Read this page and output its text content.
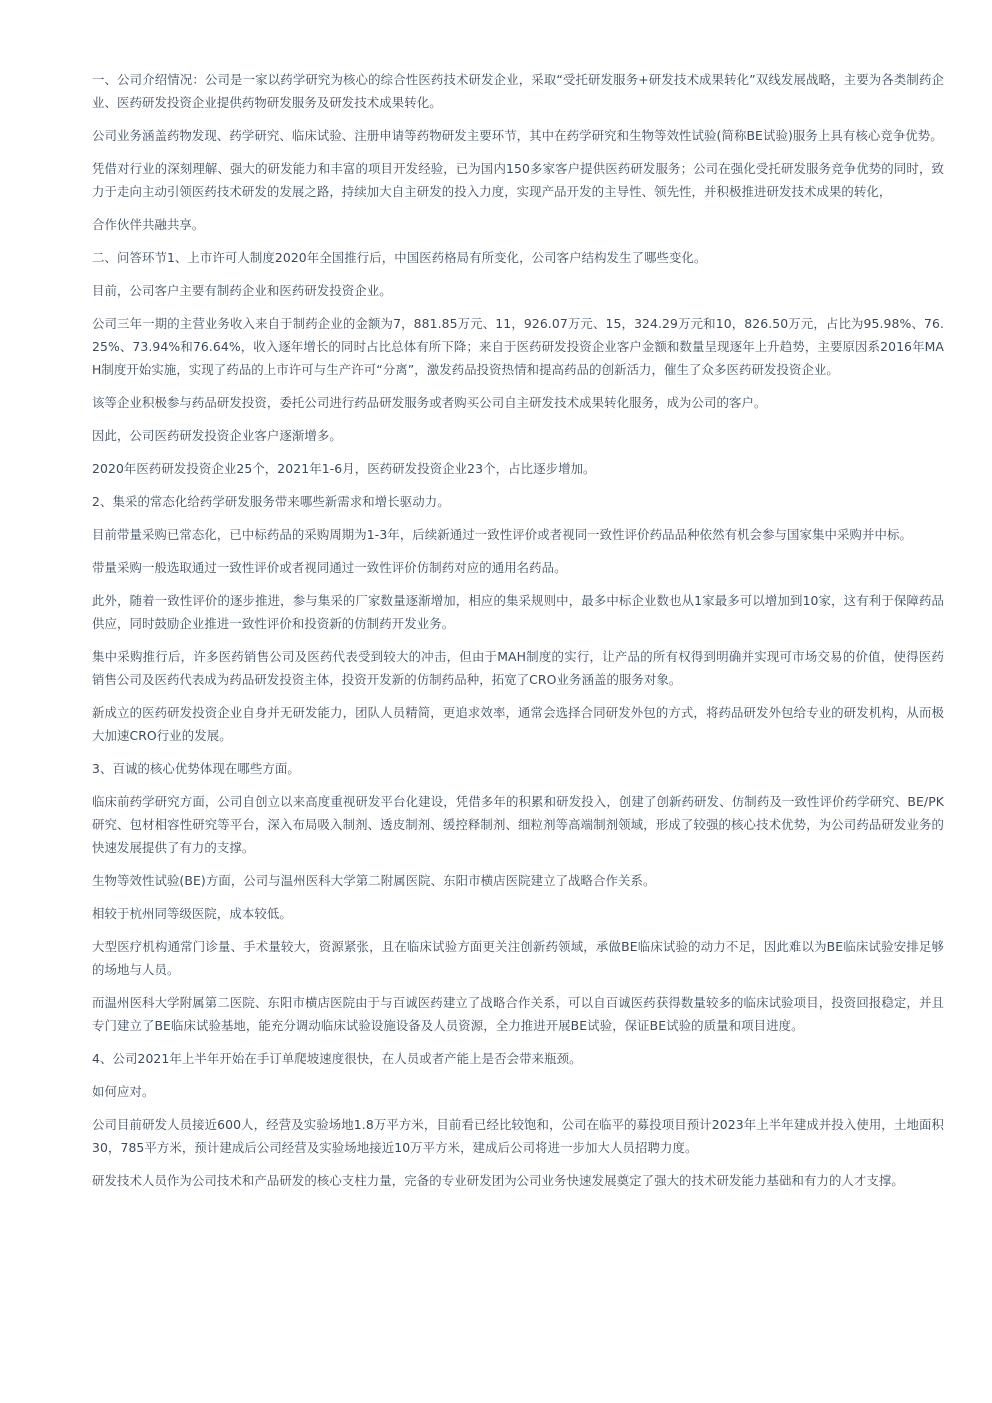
一、公司介绍情况：公司是一家以药学研究为核心的综合性医药技术研发企业，采取“受托研发服务+研发技术成果转化”双线发展战略，主要为各类制药企业、医药研发投资企业提供药物研发服务及研发技术成果转化。

公司业务涵盖药物发现、药学研究、临床试验、注册申请等药物研发主要环节，其中在药学研究和生物等效性试验(简称BE试验)服务上具有核心竞争优势。

凭借对行业的深刻理解、强大的研发能力和丰富的项目开发经验，已为国内150多家客户提供医药研发服务；公司在强化受托研发服务竞争优势的同时，致力于走向主动引领医药技术研发的发展之路，持续加大自主研发的投入力度，实现产品开发的主导性、领先性，并积极推进研发技术成果的转化，

合作伙伴共融共享。

二、问答环节1、上市许可人制度2020年全国推行后，中国医药格局有所变化，公司客户结构发生了哪些变化。

目前，公司客户主要有制药企业和医药研发投资企业。

公司三年一期的主营业务收入来自于制药企业的金额为7，881.85万元、11，926.07万元、15，324.29万元和10，826.50万元，占比为95.98%、76.25%、73.94%和76.64%，收入逐年增长的同时占比总体有所下降；来自于医药研发投资企业客户金额和数量呈现逐年上升趋势，主要原因系2016年MAH制度开始实施，实现了药品的上市许可与生产许可“分离”，激发药品投资热情和提高药品的创新活力，催生了众多医药研发投资企业。

该等企业积极参与药品研发投资，委托公司进行药品研发服务或者购买公司自主研发技术成果转化服务，成为公司的客户。

因此，公司医药研发投资企业客户逐渐增多。

2020年医药研发投资企业25个，2021年1-6月，医药研发投资企业23个，占比逐步增加。

2、集采的常态化给药学研发服务带来哪些新需求和增长驱动力。

目前带量采购已常态化，已中标药品的采购周期为1-3年，后续新通过一致性评价或者视同一致性评价药品品种依然有机会参与国家集中采购并中标。

带量采购一般选取通过一致性评价或者视同通过一致性评价仿制药对应的通用名药品。

此外，随着一致性评价的逐步推进，参与集采的厂家数量逐渐增加，相应的集采规则中，最多中标企业数也从1家最多可以增加到10家，这有利于保障药品供应，同时鼓励企业推进一致性评价和投资新的仿制药开发业务。

集中采购推行后，许多医药销售公司及医药代表受到较大的冲击，但由于MAH制度的实行，让产品的所有权得到明确并实现可市场交易的价值，使得医药销售公司及医药代表成为药品研发投资主体，投资开发新的仿制药品种，拓宽了CRO业务涵盖的服务对象。

新成立的医药研发投资企业自身并无研发能力，团队人员精简，更追求效率，通常会选择合同研发外包的方式，将药品研发外包给专业的研发机构，从而极大加速CRO行业的发展。

3、百诚的核心优势体现在哪些方面。

临床前药学研究方面，公司自创立以来高度重视研发平台化建设，凭借多年的积累和研发投入，创建了创新药研发、仿制药及一致性评价药学研究、BE/PK研究、包材相容性研究等平台，深入布局吸入制剂、透皮制剂、缓控释制剂、细粒剂等高端制剂领域，形成了较强的核心技术优势，为公司药品研发业务的快速发展提供了有力的支撑。

生物等效性试验(BE)方面，公司与温州医科大学第二附属医院、东阳市横店医院建立了战略合作关系。

相较于杭州同等级医院，成本较低。

大型医疗机构通常门诊量、手术量较大，资源紧张，且在临床试验方面更关注创新药领域，承做BE临床试验的动力不足，因此难以为BE临床试验安排足够的场地与人员。

而温州医科大学附属第二医院、东阳市横店医院由于与百诚医药建立了战略合作关系，可以自百诚医药获得数量较多的临床试验项目，投资回报稳定，并且专门建立了BE临床试验基地，能充分调动临床试验设施设备及人员资源，全力推进开展BE试验，保证BE试验的质量和项目进度。

4、公司2021年上半年开始在手订单爬坡速度很快，在人员或者产能上是否会带来瓶颈。

如何应对。

公司目前研发人员接近600人，经营及实验场地1.8万平方米，目前看已经比较饱和，公司在临平的募投项目预计2023年上半年建成并投入使用，土地面积30，785平方米，预计建成后公司经营及实验场地接近10万平方米，建成后公司将进一步加大人员招聘力度。

研发技术人员作为公司技术和产品研发的核心支柱力量，完备的专业研发团为公司业务快速发展奠定了强大的技术研发能力基础和有力的人才支撑。
